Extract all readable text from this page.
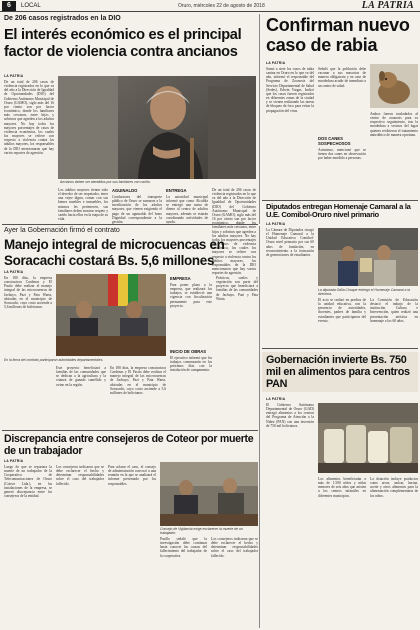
6	LOCAL	Oruro, miércoles 22 de agosto de 2018	LA PATRIA
De 206 casos registrados en la DIO
El interés económico es el principal factor de violencia contra ancianos
LA PATRIA
De un total de 206 casos de violencia registrados en lo que va del año a la Dirección de Igualdad de Oportunidades (DIO) del Gobierno Autónomo Municipal de Oruro (GAMO), siglo más del 16 por ciento son por factor económico, donde los familiares más cercanos, entre hijos y sobrinos que agreden a los adultos mayores. No hay todos los mayores porcentajes de casos de violencia económica, los cuales los mayores se refiere con respecto a violencia contra los adultos mayores, los responsables de la DIO mencionaron que hay varios reportes de agresión.
Ancianos deben ser atendidos por sus familiares con cariño.
Los adultos mayores tienen todo el derecho de ser respetados, tener una vejez digna, contar con sus bienes muebles e inmuebles, los mismos les pertenecen, sus familiares deben mostrar respeto y cariño hacia ellos en la etapa de su vida.
AGUINALDO
Conductores del transporte público de Oruro se sumaron a la movilización de los adultos mayores, que vienen exigiendo el pago de un aguinaldo del bono Dignidad correspondiente a la gestión.
ENTREGA
La autoridad municipal informó que como Alcaldía se entregó una suma de dinero al centro de adultos mayores, además se estarán coordinando actividades de ayuda.
De un total de 206 casos de violencia registrados en lo que va del año a la Dirección de Igualdad de Oportunidades (DIO) del Gobierno Autónomo Municipal de Oruro (GAMO), siglo más del 16 por ciento son por factor familiares más cercanos, entre hijos y sobrinos que agreden a los adultos mayores. No hay todos los mayores porcentajes de casos de violencia económica, los cuales los mayores se refiere con respecto a violencia contra los adultos mayores, los responsables de la DIO mencionaron que hay varios reportes de agresión.
Confirman nuevo caso de rabia
LA PATRIA
Sumó a siete los casos de rabia canina en Oruro en lo que va del año, informó el responsable del Programa de Zoonosis del Servicio Departamental de Salud (Sedes), Edwin Vargas. Indicó que los casos fueron registrados en diferentes zonas de la ciudad y se vienen realizando las tareas de bloqueo de foco para evitar la propagación del virus.
Señaló que la población debe vacunar a sus mascotas de manera obligatoria y en caso de mordedura acudir de inmediato a un centro de salud.
DOS CANES SOSPECHOSOS
Asimismo, mencionó que se tienen dos canes en observación por haber mordido a personas.
Ambos fueron trasladados al centro de zoonosis para su respectivo seguimiento, tras la mordedura a vecinos del lugar quienes recibieron el tratamiento antirrábico de manera oportuna.
Diputados entregan Homenaje Camaral a la U.E. Comibol-Oruro nivel primario
LA PATRIA
La Cámara de Diputados otorgó el Homenaje Camaral a la Unidad Educativa Comibol-Oruro nivel primario por sus 60 años de fundación, en reconocimiento a la formación de generaciones de estudiantes.
La diputada Odila Choque entregó el Homenaje Camaral a la directora.
El acto se realizó en predios de la unidad educativa, con la presencia de autoridades, docentes, padres de familia y estudiantes que participaron del evento.
La Comisión de Educación destacó el trabajo de la institución. Cultura e Intervención, quien realizó una presentación artística en homenaje a los 60 años.
Ayer la Gobernación firmó el contrato
Manejo integral de microcuencas en Soracachi costará Bs. 5,6 millones
LA PATRIA
En 180 días, la empresa constructora Cardenas y El Pastío debe realizar el manejo integral de las microcuencas de Jachuyo, Pazi y Pata Warta, ubicadas en el municipio de Soracachi, cuyo costo asciende a 5,6 millones de bolivianos.
En la firma del contrato participaron autoridades departamentales.
EMPRESA
Para poner plazo a la empresa, que realizará los trabajos, se estableció una vigencia con fiscalización permanente para este proyecto.
INICIO DE OBRAS
El ejecutivo informó que los trabajos comenzarán en los próximos días con la instalación de campamento.
Prácticas, suelos y vegetación son parte del proyecto que beneficiará a familias de las comunidades de Jachuyo, Pazi y Pata Warta.
Este proyecto beneficiará a familias de las comunidades que se dedican a la agricultura y la crianza de ganado camélido y ovino en la región.
En 180 días, la empresa constructora Cardenas y El Pastío debe realizar el manejo integral de las microcuencas de Jachuyo, Pazi y Pata Warta, ubicadas en el municipio de Soracachi, cuyo costo asciende a 5,6 millones de bolivianos.
Discrepancia entre consejeros de Coteor por muerte de un trabajador
LA PATRIA
Luego de que se reportara la muerte de un trabajador de la Cooperativa de Telecomunicaciones de Oruro (Coteor Ltda.), en las instalaciones de la empresa, se generó discrepancia entre los consejeros de la entidad.
Los consejeros indicaron que se debe esclarecer el hecho y determinar responsabilidades sobre el caso del trabajador fallecido.
Para aclarar el caso, el consejo de administración convocó a una reunión en la que se analizará el informe presentado por los responsables.
Consejo de Vigilancia exige esclarecer la muerte de un trabajador.
Pasillo señaló que la investigación debe continuar hasta conocer las causas del fallecimiento del trabajador de la cooperativa.
Los consejeros indicaron que se debe esclarecer el hecho y determinar responsabilidades sobre el caso del trabajador fallecido.
Gobernación invierte Bs. 750 mil en alimentos para centros PAN
LA PATRIA
El Gobierno Autónomo Departamental de Oruro (GAD) entregó alimentos a los centros del Programa de Atención a la Niñez (PAN) con una inversión de 750 mil bolivianos.
Los alimentos beneficiarán a más de 1.500 niños y niñas menores de seis años que asisten a los centros infantiles en diferentes municipios.
La dotación incluye productos como arroz, azúcar, harina, aceite y otros alimentos para la alimentación complementaria de los niños.
